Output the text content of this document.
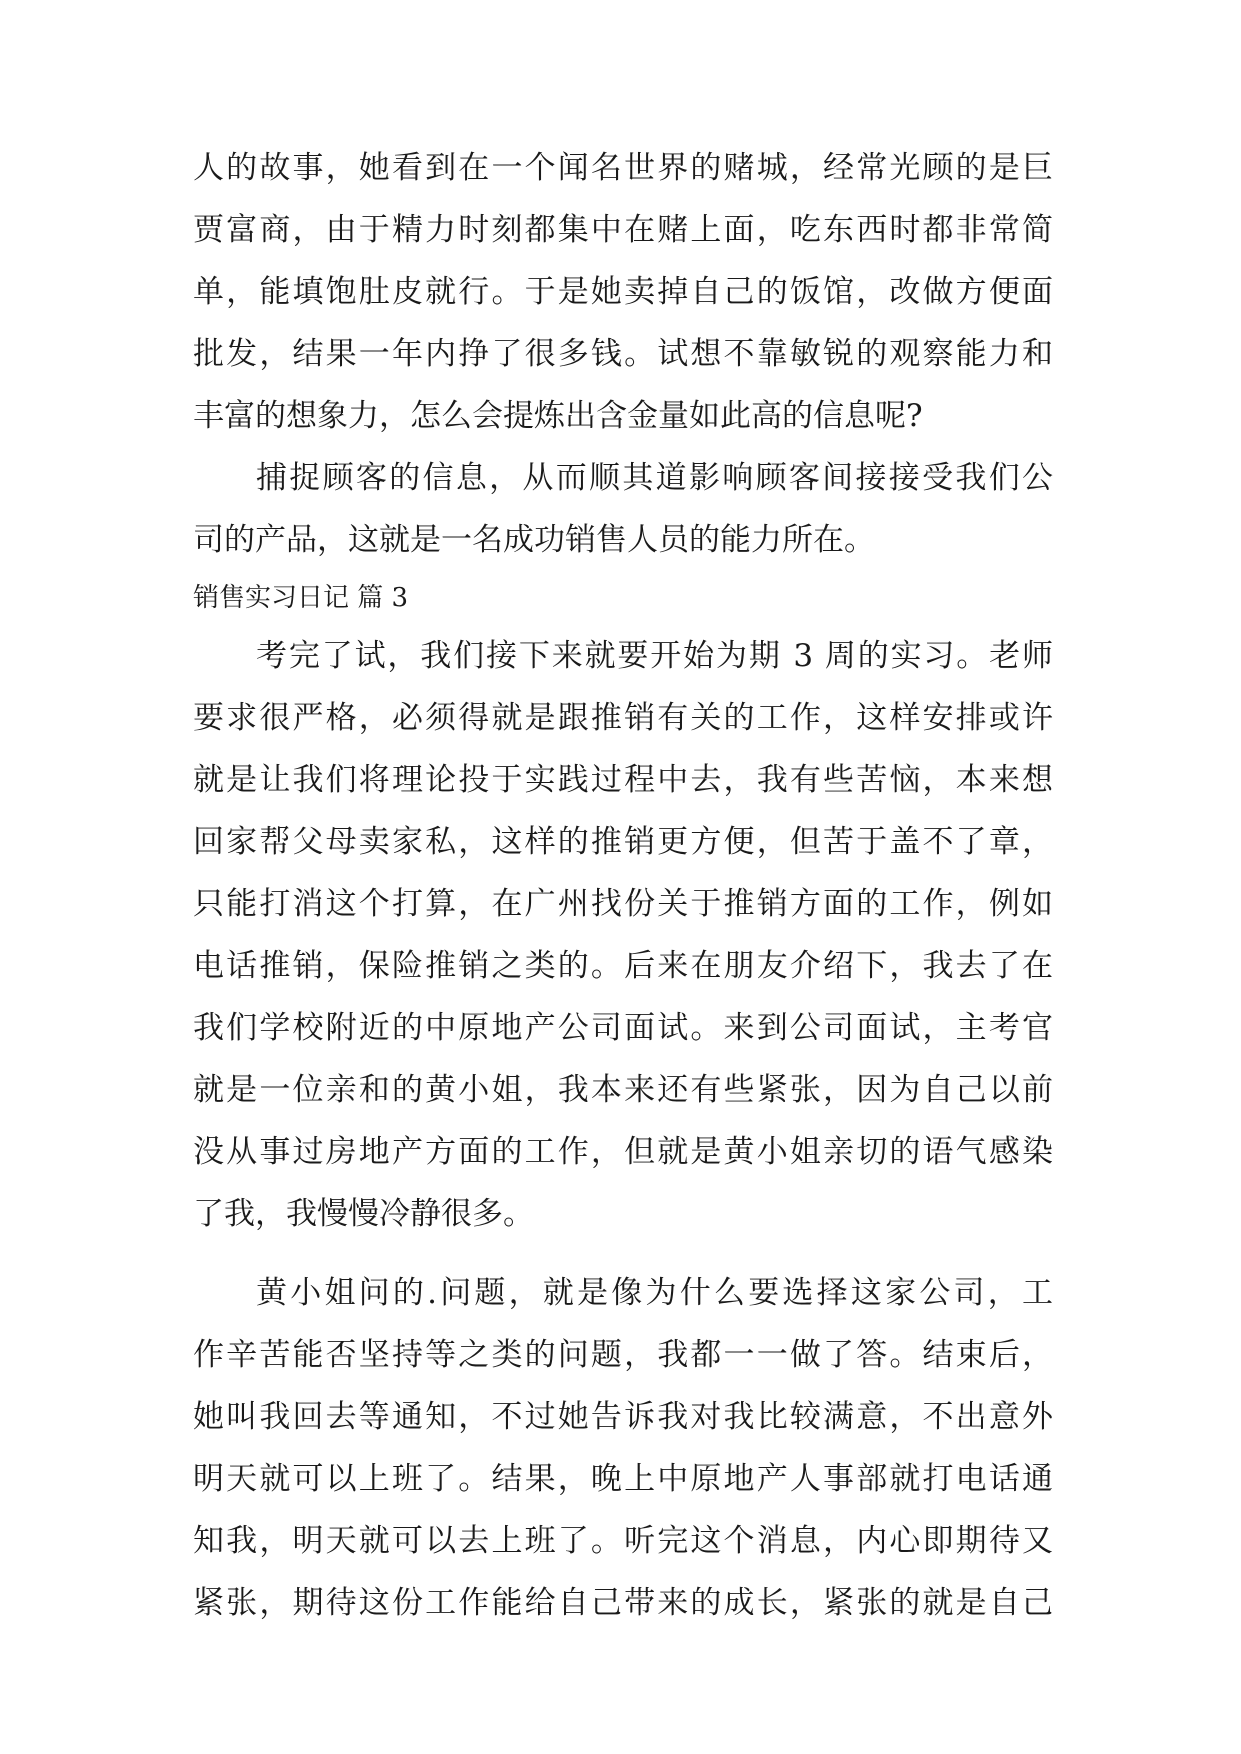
人的故事，她看到在一个闻名世界的赌城，经常光顾的是巨
贾富商，由于精力时刻都集中在赌上面，吃东西时都非常简
单，能填饱肚皮就行。于是她卖掉自己的饭馆，改做方便面
批发，结果一年内挣了很多钱。试想不靠敏锐的观察能力和
丰富的想象力，怎么会提炼出含金量如此高的信息呢?
捕捉顾客的信息，从而顺其道影响顾客间接接受我们公
司的产品，这就是一名成功销售人员的能力所在。
销售实习日记 篇 3
考完了试，我们接下来就要开始为期 3 周的实习。老师
要求很严格，必须得就是跟推销有关的工作，这样安排或许
就是让我们将理论投于实践过程中去，我有些苦恼，本来想
回家帮父母卖家私，这样的推销更方便，但苦于盖不了章，
只能打消这个打算，在广州找份关于推销方面的工作，例如
电话推销，保险推销之类的。后来在朋友介绍下，我去了在
我们学校附近的中原地产公司面试。来到公司面试，主考官
就是一位亲和的黄小姐，我本来还有些紧张，因为自己以前
没从事过房地产方面的工作，但就是黄小姐亲切的语气感染
了我，我慢慢冷静很多。
黄小姐问的.问题，就是像为什么要选择这家公司，工
作辛苦能否坚持等之类的问题，我都一一做了答。结束后，
她叫我回去等通知，不过她告诉我对我比较满意，不出意外
明天就可以上班了。结果，晚上中原地产人事部就打电话通
知我，明天就可以去上班了。听完这个消息，内心即期待又
紧张，期待这份工作能给自己带来的成长，紧张的就是自己
